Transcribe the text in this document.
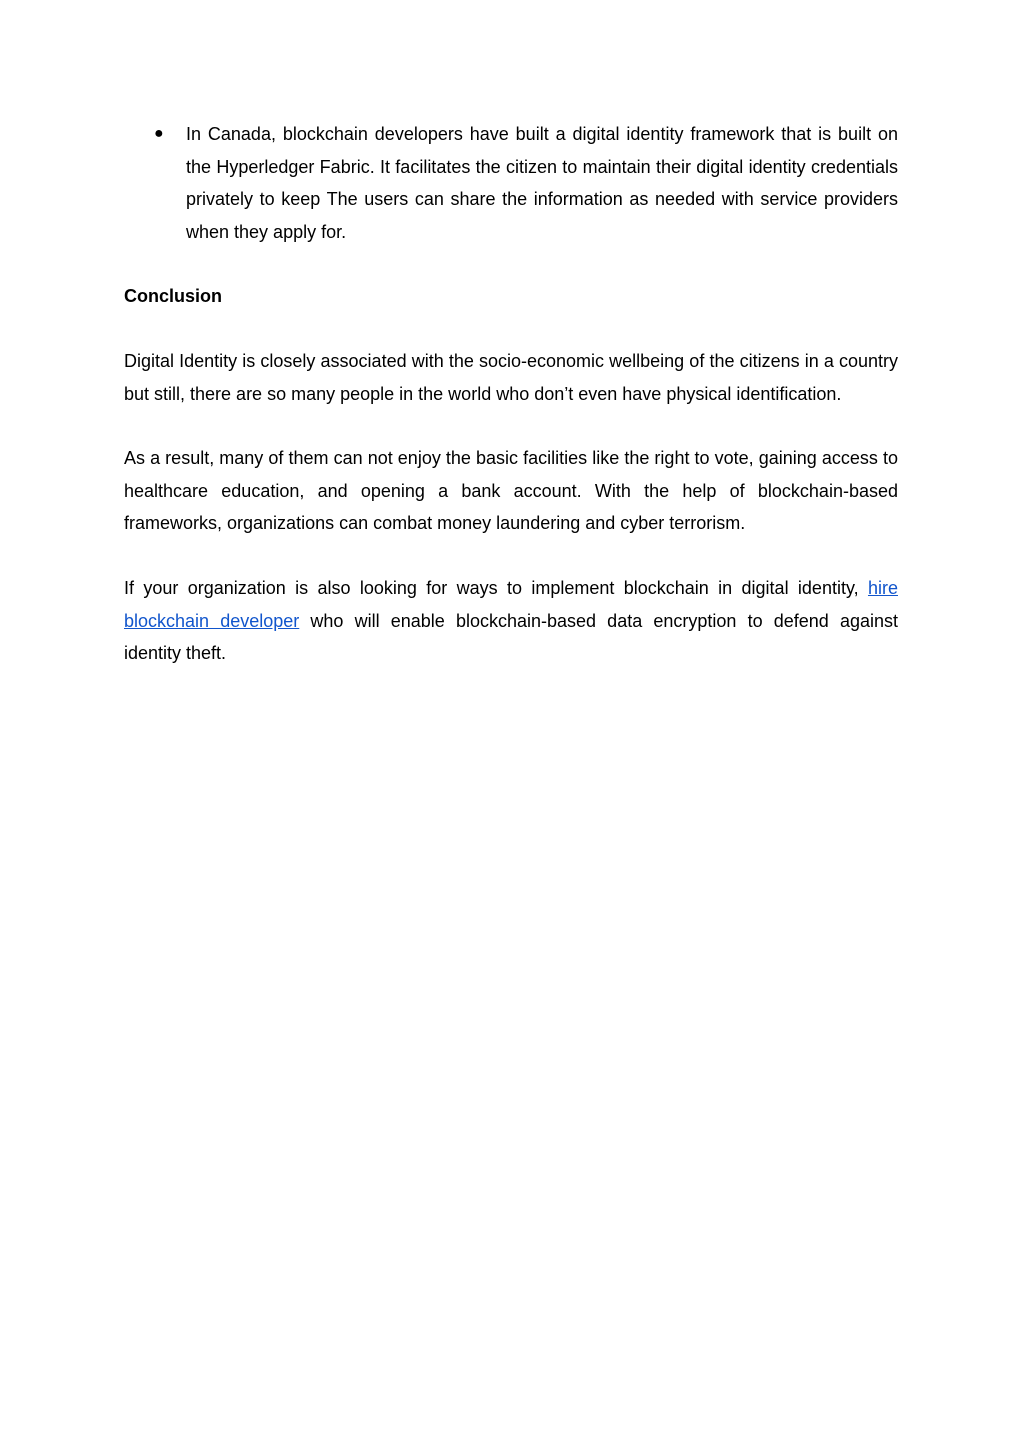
● In Canada, blockchain developers have built a digital identity framework that is built on the Hyperledger Fabric. It facilitates the citizen to maintain their digital identity credentials privately to keep The users can share the information as needed with service providers when they apply for.
Conclusion

Digital Identity is closely associated with the socio-economic wellbeing of the citizens in a country but still, there are so many people in the world who don’t even have physical identification.

As a result, many of them can not enjoy the basic facilities like the right to vote, gaining access to healthcare education, and opening a bank account. With the help of blockchain-based frameworks, organizations can combat money laundering and cyber terrorism.

If your organization is also looking for ways to implement blockchain in digital identity, hire blockchain developer who will enable blockchain-based data encryption to defend against identity theft.
